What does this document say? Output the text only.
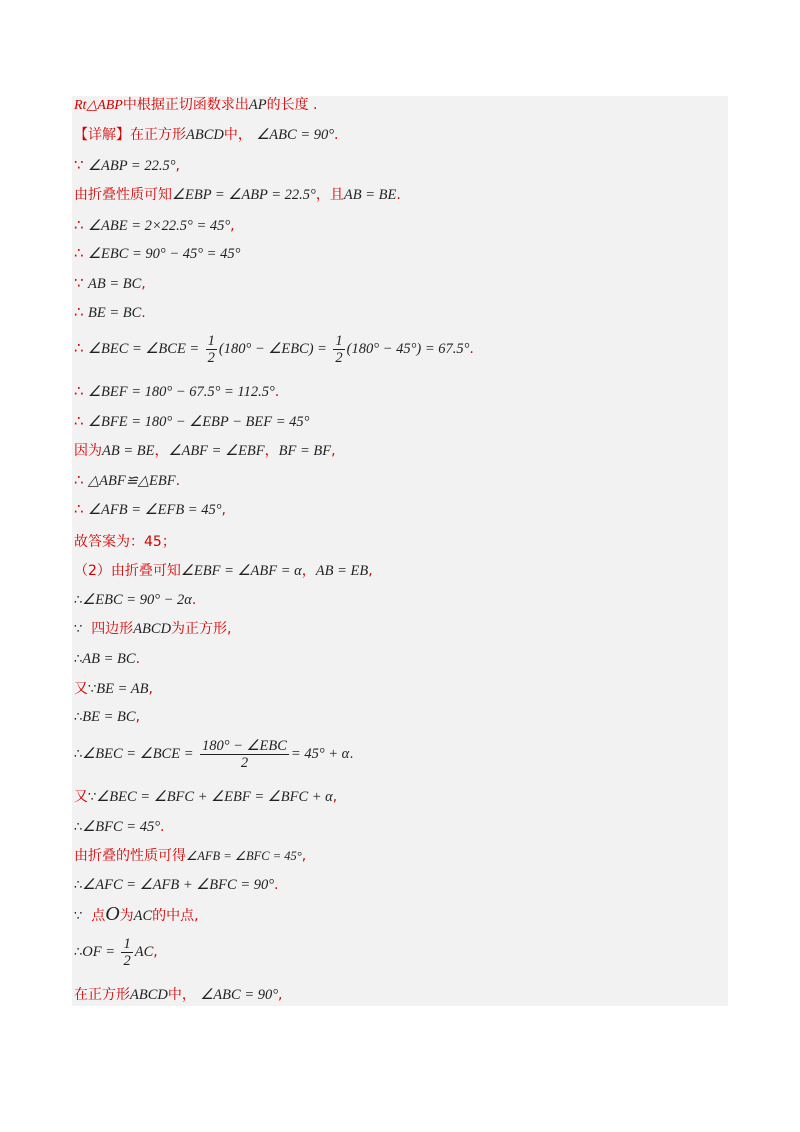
Rt△ABP中根据正切函数求出AP的长度 .
【详解】在正方形ABCD中， ∠ABC = 90°.
∵ ∠ABP = 22.5°,
由折叠性质可知∠EBP = ∠ABP = 22.5°，且AB = BE.
∴ ∠ABE = 2×22.5° = 45°,
∴ ∠EBC = 90° − 45° = 45°
∵ AB = BC,
∴ BE = BC.
∴ ∠BEC = ∠BCE = $\frac{1}{2} (180^\circ$ − ∠EBC) = $\frac{1}{2} (180^\circ - 45^\circ) = 67.5^\circ$.
∴ ∠BEF = 180° − 67.5° = 112.5°.
∴ ∠BFE = 180° − ∠EBP − BEF = 45°
因为AB = BE，∠ABF = ∠EBF，BF = BF,
∴ △ABF≌△EBF.
∴ ∠AFB = ∠EFB = 45°,
故答案为：45；
（2）由折叠可知∠EBF = ∠ABF = α，AB = EB,
∴∠EBC = 90° − 2α.
∵ 四边形ABCD为正方形,
∴AB = BC.
又∵BE = AB,
∴BE = BC,
∴∠BEC = ∠BCE = $\frac{\text{180° − ∠EBC}}{2} = 45^\circ + \alpha$.
又∵∠BEC = ∠BFC + ∠EBF = ∠BFC + α,
∴∠BFC = 45°.
由折叠的性质可得∠AFB = ∠BFC = 45°,
∴∠AFC = ∠AFB + ∠BFC = 90°.
∵ 点O为AC的中点,
∴OF = $\frac{1}{2}$ AC,
在正方形ABCD中， ∠ABC = 90°,
